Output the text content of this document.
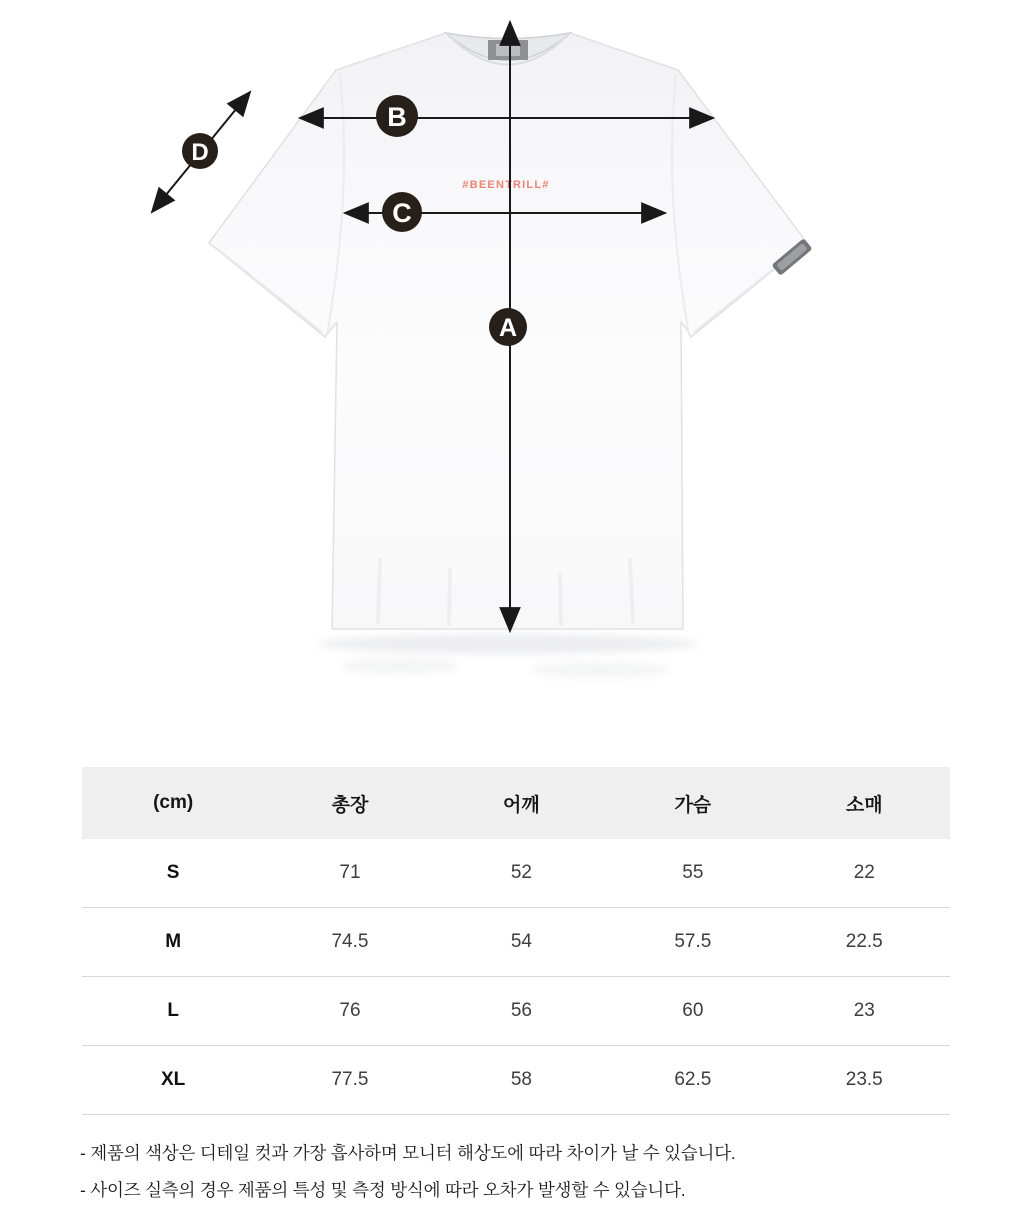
#BEENTRILL#
A
B
C
D
(cm)	총장	어깨	가슴	소매
S	71	52	55	22
M	74.5	54	57.5	22.5
L	76	56	60	23
XL	77.5	58	62.5	23.5

- 제품의 색상은 디테일 컷과 가장 흡사하며 모니터 해상도에 따라 차이가 날 수 있습니다.

- 사이즈 실측의 경우 제품의 특성 및 측정 방식에 따라 오차가 발생할 수 있습니다.
